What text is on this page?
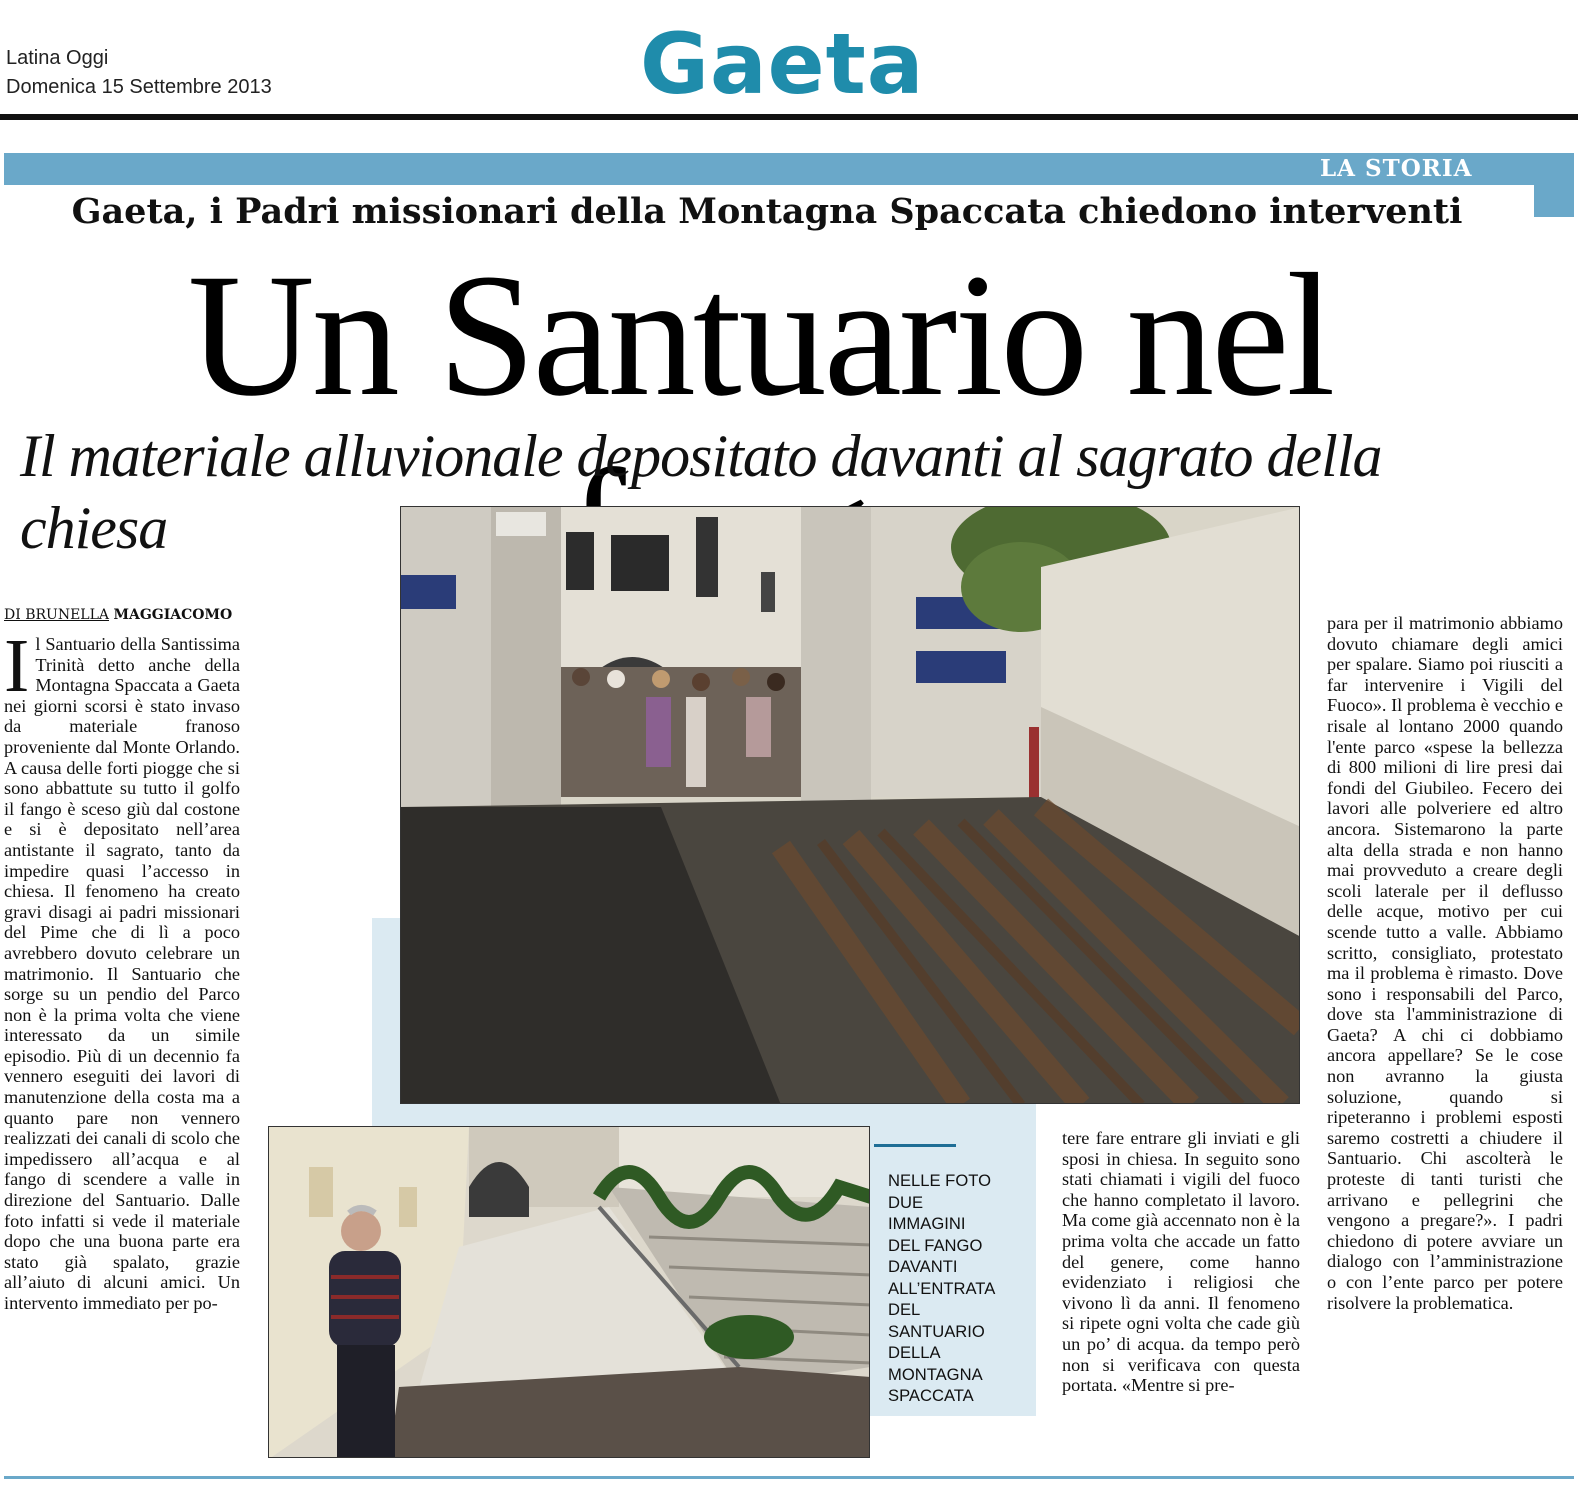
Latina Oggi
Domenica 15 Settembre 2013	Gaeta
LA STORIA
Gaeta, i Padri missionari della Montagna Spaccata chiedono interventi
Un Santuario nel
Il materiale alluvionale depositato davanti al sagrato della chiesa
DI BRUNELLA MAGGIACOMO
NELLE FOTO
DUE
IMMAGINI
DEL FANGO
DAVANTI
ALL’ENTRATA
DEL
SANTUARIO
DELLA
MONTAGNA
SPACCATA
Il Santuario della Santissima Trinità detto anche della Montagna Spaccata a Gaeta nei giorni scorsi è stato invaso da materiale franoso proveniente dal Monte Orlando. A causa delle forti piogge che si sono abbattute su tutto il golfo il fango è sceso giù dal costone e si è depositato nell’area antistante il sagrato, tanto da impedire quasi l’accesso in chiesa. Il fenomeno ha creato gravi disagi ai padri missionari del Pime che di lì a poco avrebbero dovuto celebrare un matrimonio. Il Santuario che sorge su un pendio del Parco non è la prima volta che viene interessato da un simile episodio. Più di un decennio fa vennero eseguiti dei lavori di manutenzione della costa ma a quanto pare non vennero realizzati dei canali di scolo che impedissero all’acqua e al fango di scendere a valle in direzione del Santuario. Dalle foto infatti si vede il materiale dopo che una buona parte era stato già spalato, grazie all’aiuto di alcuni amici. Un intervento immediato per po-
tere fare entrare gli inviati e gli sposi in chiesa. In seguito sono stati chiamati i vigili del fuoco che hanno completato il lavoro. Ma come già accennato non è la prima volta che accade un fatto del genere, come hanno evidenziato i religiosi che vivono lì da anni. Il fenomeno si ripete ogni volta che cade giù un po’ di acqua. da tempo però non si verificava con questa portata. «Mentre si pre-
para per il matrimonio abbiamo dovuto chiamare degli amici per spalare. Siamo poi riusciti a far intervenire i Vigili del Fuoco». Il problema è vecchio e risale al lontano 2000 quando l'ente parco «spese la bellezza di 800 milioni di lire presi dai fondi del Giubileo. Fecero dei lavori alle polveriere ed altro ancora. Sistemarono la parte alta della strada e non hanno mai provveduto a creare degli scoli laterale per il deflusso delle acque, motivo per cui scende tutto a valle. Abbiamo scritto, consigliato, protestato ma il problema è rimasto. Dove sono i responsabili del Parco, dove sta l'amministrazione di Gaeta? A chi ci dobbiamo ancora appellare? Se le cose non avranno la giusta soluzione, quando si ripeteranno i problemi esposti saremo costretti a chiudere il Santuario. Chi ascolterà le proteste di tanti turisti che arrivano e pellegrini che vengono a pregare?». I padri chiedono di potere avviare un dialogo con l’amministrazione o con l’ente parco per potere risolvere la problematica.
